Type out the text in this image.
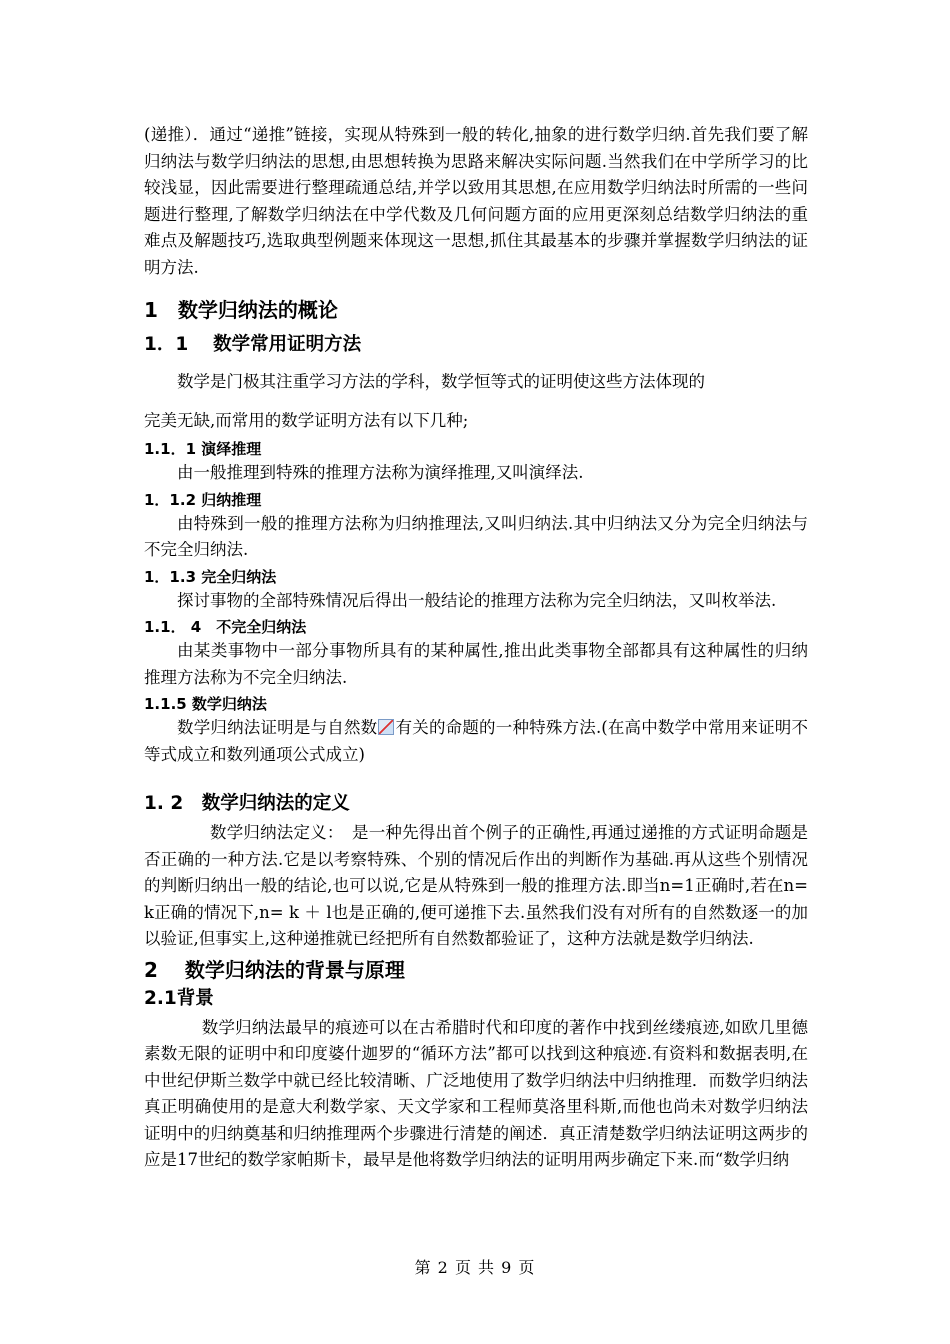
(递推）．通过“递推”链接，实现从特殊到一般的转化,抽象的进行数学归纳.首先我们要了解归纳法与数学归纳法的思想,由思想转换为思路来解决实际问题.当然我们在中学所学习的比较浅显，因此需要进行整理疏通总结,并学以致用其思想,在应用数学归纳法时所需的一些问题进行整理,了解数学归纳法在中学代数及几何问题方面的应用更深刻总结数学归纳法的重难点及解题技巧,选取典型例题来体现这一思想,抓住其最基本的步骤并掌握数学归纳法的证明方法.

1　数学归纳法的概论
1．1　 数学常用证明方法

数学是门极其注重学习方法的学科，数学恒等式的证明使这些方法体现的

完美无缺,而常用的数学证明方法有以下几种;

1.1．1 演绎推理

由一般推理到特殊的推理方法称为演绎推理,又叫演绎法.

1．1.2 归纳推理

由特殊到一般的推理方法称为归纳推理法,又叫归纳法.其中归纳法又分为完全归纳法与不完全归纳法.

1．1.3 完全归纳法

探讨事物的全部特殊情况后得出一般结论的推理方法称为完全归纳法，又叫枚举法.

1.1． 4　不完全归纳法

由某类事物中一部分事物所具有的某种属性,推出此类事物全部都具有这种属性的归纳推理方法称为不完全归纳法.

1.1.5 数学归纳法

数学归纳法证明是与自然数 有关的命题的一种特殊方法.(在高中数学中常用来证明不等式成立和数列通项公式成立)

1. 2　数学归纳法的定义

数学归纳法定义：　是一种先得出首个例子的正确性,再通过递推的方式证明命题是否正确的一种方法.它是以考察特殊、个别的情况后作出的判断作为基础.再从这些个别情况的判断归纳出一般的结论,也可以说,它是从特殊到一般的推理方法.即当n=1正确时,若在n= k正确的情况下,n= k ＋ l也是正确的,便可递推下去.虽然我们没有对所有的自然数逐一的加以验证,但事实上,这种递推就已经把所有自然数都验证了，这种方法就是数学归纳法.

2　 数学归纳法的背景与原理
2.1背景

数学归纳法最早的痕迹可以在古希腊时代和印度的著作中找到丝缕痕迹,如欧几里德素数无限的证明中和印度婆什迦罗的“循环方法”都可以找到这种痕迹.有资料和数据表明,在中世纪伊斯兰数学中就已经比较清晰、广泛地使用了数学归纳法中归纳推理．而数学归纳法真正明确使用的是意大利数学家、天文学家和工程师莫洛里科斯,而他也尚未对数学归纳法证明中的归纳奠基和归纳推理两个步骤进行清楚的阐述．真正清楚数学归纳法证明这两步的应是17世纪的数学家帕斯卡，最早是他将数学归纳法的证明用两步确定下来.而“数学归纳

第 2 页 共 9 页
